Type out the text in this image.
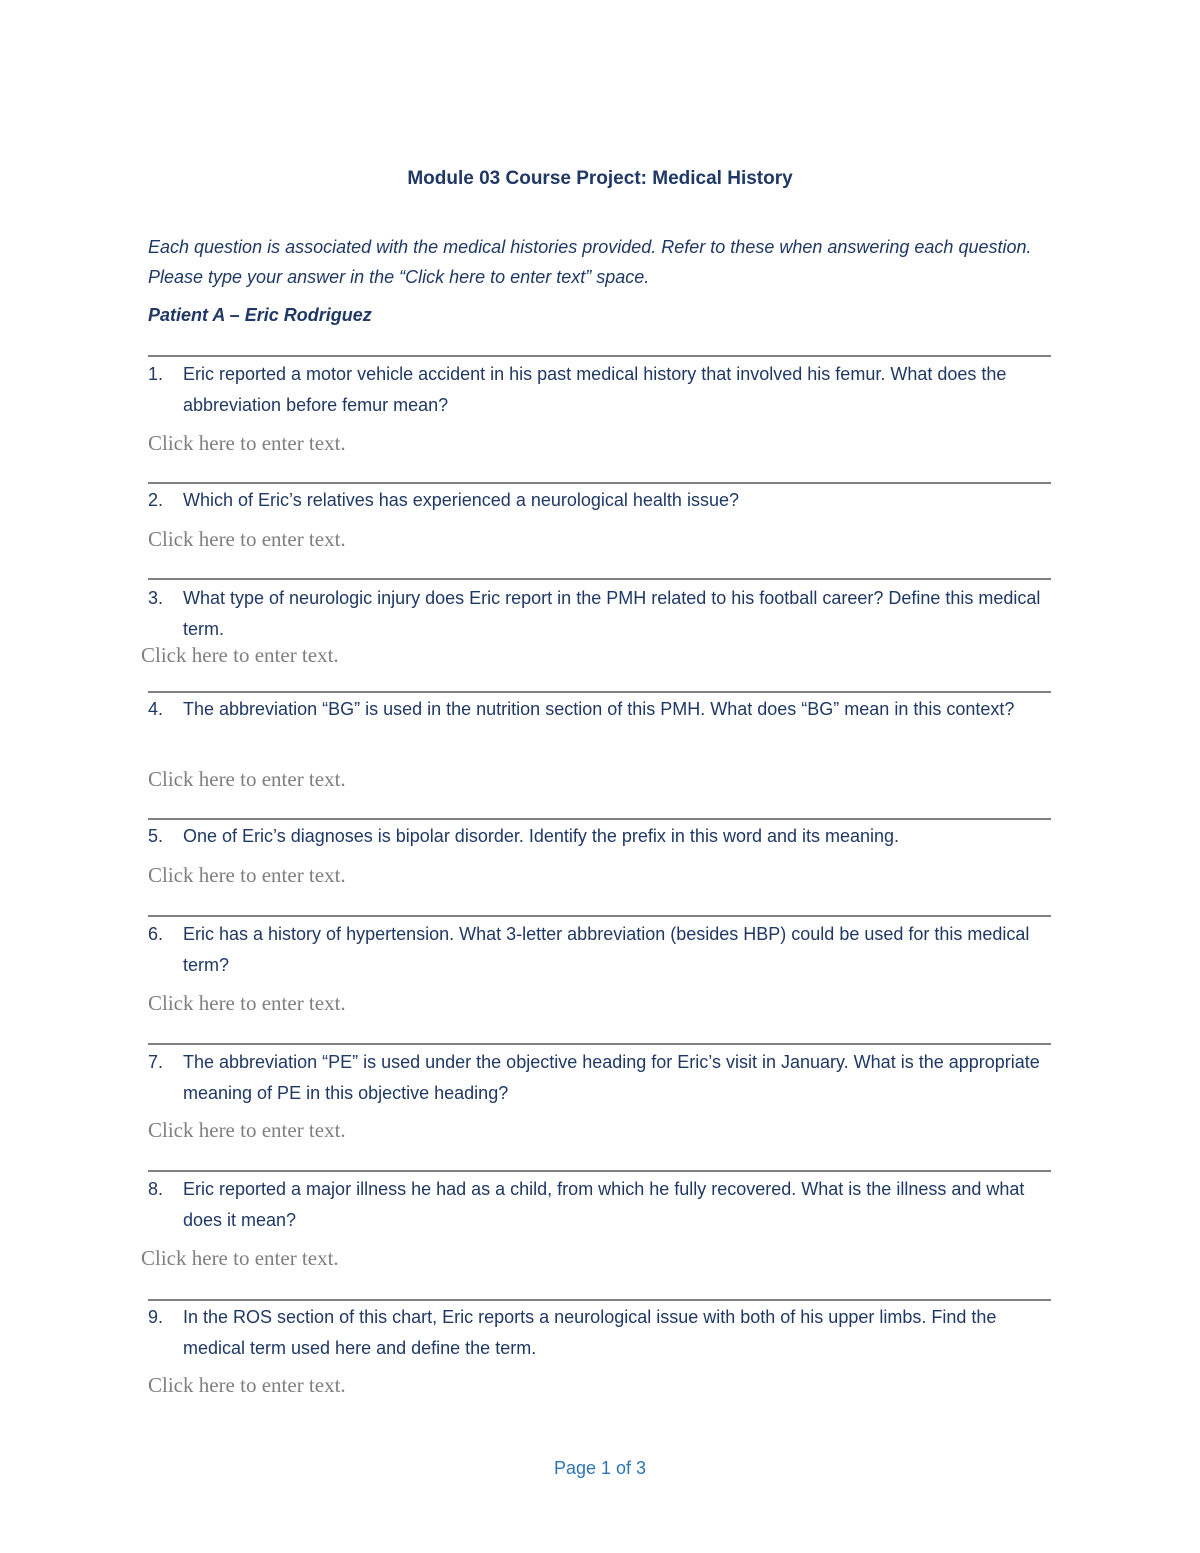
Module 03 Course Project: Medical History
Each question is associated with the medical histories provided. Refer to these when answering each question. Please type your answer in the “Click here to enter text” space.
Patient A – Eric Rodriguez
1.	Eric reported a motor vehicle accident in his past medical history that involved his femur. What does the abbreviation before femur mean?
Click here to enter text.
2.	Which of Eric’s relatives has experienced a neurological health issue?
Click here to enter text.
3.	What type of neurologic injury does Eric report in the PMH related to his football career? Define this medical term.
Click here to enter text.
4.	The abbreviation “BG” is used in the nutrition section of this PMH. What does “BG” mean in this context?
Click here to enter text.
5.	One of Eric’s diagnoses is bipolar disorder. Identify the prefix in this word and its meaning.
Click here to enter text.
6.	Eric has a history of hypertension. What 3-letter abbreviation (besides HBP) could be used for this medical term?
Click here to enter text.
7.	The abbreviation “PE” is used under the objective heading for Eric’s visit in January. What is the appropriate meaning of PE in this objective heading?
Click here to enter text.
8.	Eric reported a major illness he had as a child, from which he fully recovered. What is the illness and what does it mean?
Click here to enter text.
9.	In the ROS section of this chart, Eric reports a neurological issue with both of his upper limbs. Find the medical term used here and define the term.
Click here to enter text.
Page 1 of 3
